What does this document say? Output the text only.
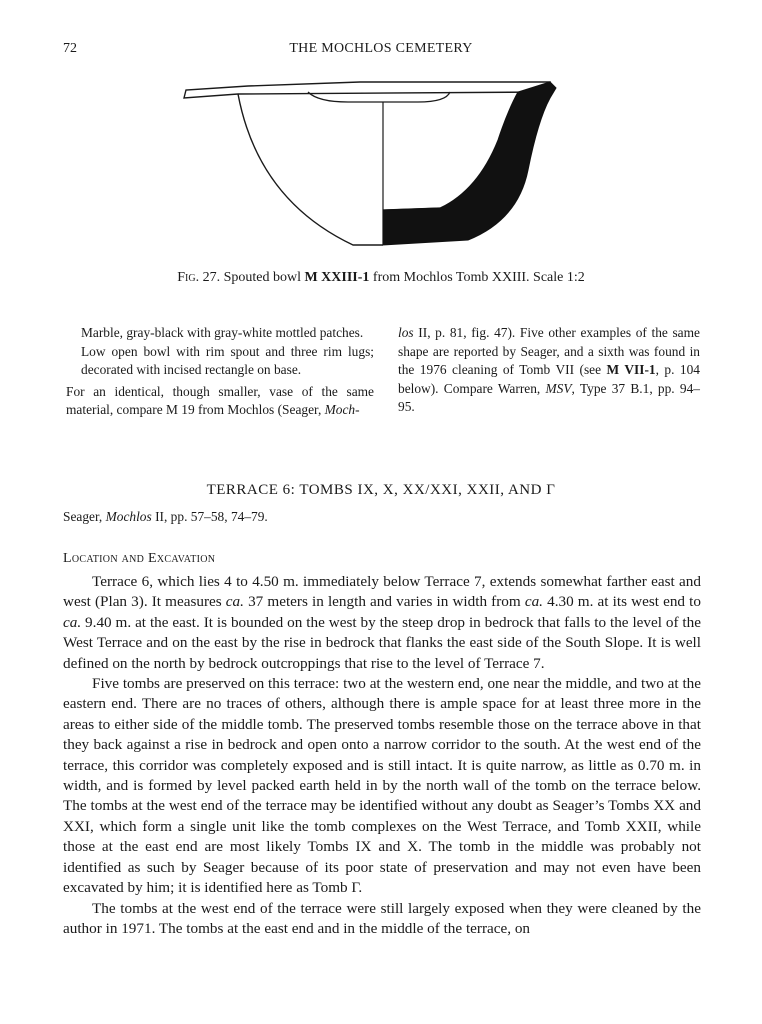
72	THE MOCHLOS CEMETERY
Fig. 27. Spouted bowl M XXIII-1 from Mochlos Tomb XXIII. Scale 1:2

Marble, gray-black with gray-white mottled patches.

Low open bowl with rim spout and three rim lugs; decorated with incised rectangle on base.

For an identical, though smaller, vase of the same material, compare M 19 from Mochlos (Seager, Moch-

los II, p. 81, fig. 47). Five other examples of the same shape are reported by Seager, and a sixth was found in the 1976 cleaning of Tomb VII (see M VII-1, p. 104 below). Compare Warren, MSV, Type 37 B.1, pp. 94–95.
TERRACE 6: TOMBS IX, X, XX/XXI, XXII, AND Γ
Seager, Mochlos II, pp. 57–58, 74–79.
Location and Excavation

Terrace 6, which lies 4 to 4.50 m. immediately below Terrace 7, extends somewhat farther east and west (Plan 3). It measures ca. 37 meters in length and varies in width from ca. 4.30 m. at its west end to ca. 9.40 m. at the east. It is bounded on the west by the steep drop in bedrock that falls to the level of the West Terrace and on the east by the rise in bedrock that flanks the east side of the South Slope. It is well defined on the north by bedrock outcroppings that rise to the level of Terrace 7.

Five tombs are preserved on this terrace: two at the western end, one near the middle, and two at the eastern end. There are no traces of others, although there is ample space for at least three more in the areas to either side of the middle tomb. The preserved tombs resemble those on the terrace above in that they back against a rise in bedrock and open onto a narrow corridor to the south. At the west end of the terrace, this corridor was completely exposed and is still intact. It is quite narrow, as little as 0.70 m. in width, and is formed by level packed earth held in by the north wall of the tomb on the terrace below. The tombs at the west end of the terrace may be identified without any doubt as Seager’s Tombs XX and XXI, which form a single unit like the tomb complexes on the West Terrace, and Tomb XXII, while those at the east end are most likely Tombs IX and X. The tomb in the middle was probably not identified as such by Seager because of its poor state of preservation and may not even have been excavated by him; it is identified here as Tomb Γ.

The tombs at the west end of the terrace were still largely exposed when they were cleaned by the author in 1971. The tombs at the east end and in the middle of the terrace, on
